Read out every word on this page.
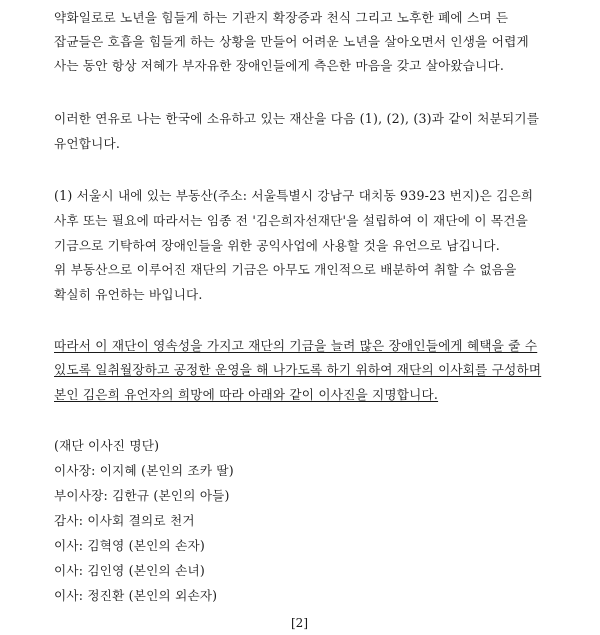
약화일로로 노년을 힘들게 하는 기관지 확장증과 천식 그리고 노후한 폐에 스며 든
잡균들은 호흡을 힘들게 하는 상황을 만들어 어려운 노년을 살아오면서 인생을 어렵게
사는 동안 항상 저혜가 부자유한 장애인들에게 측은한 마음을 갖고 살아왔습니다.
이러한 연유로 나는 한국에 소유하고 있는 재산을 다음 (1), (2), (3)과 같이 처분되기를
유언합니다.
(1) 서울시 내에 있는 부동산(주소: 서울특별시 강남구 대치동 939-23 번지)은 김은희
사후 또는 필요에 따라서는 임종 전 '김은희자선재단'을 설립하여 이 재단에 이 목건을
기금으로 기탁하여 장애인들을 위한 공익사업에 사용할 것을 유언으로 남깁니다.
위 부동산으로 이루어진 재단의 기금은 아무도 개인적으로 배분하여 취할 수 없음을
확실히 유언하는 바입니다.
따라서 이 재단이 영속성을 가지고 재단의 기금을 늘려 많은 장애인들에게 혜택을 줄 수
있도록 일취월장하고 공정한 운영을 해 나가도록 하기 위하여 재단의 이사회를 구성하며
본인 김은희 유언자의 희망에 따라 아래와 같이 이사진을 지명합니다.
(재단 이사진 명단)
이사장: 이지혜 (본인의 조카 딸)
부이사장: 김한규 (본인의 아들)
감사: 이사회 결의로 천거
이사: 김혁영 (본인의 손자)
이사: 김인영 (본인의 손녀)
이사: 정진환 (본인의 외손자)
[2]
